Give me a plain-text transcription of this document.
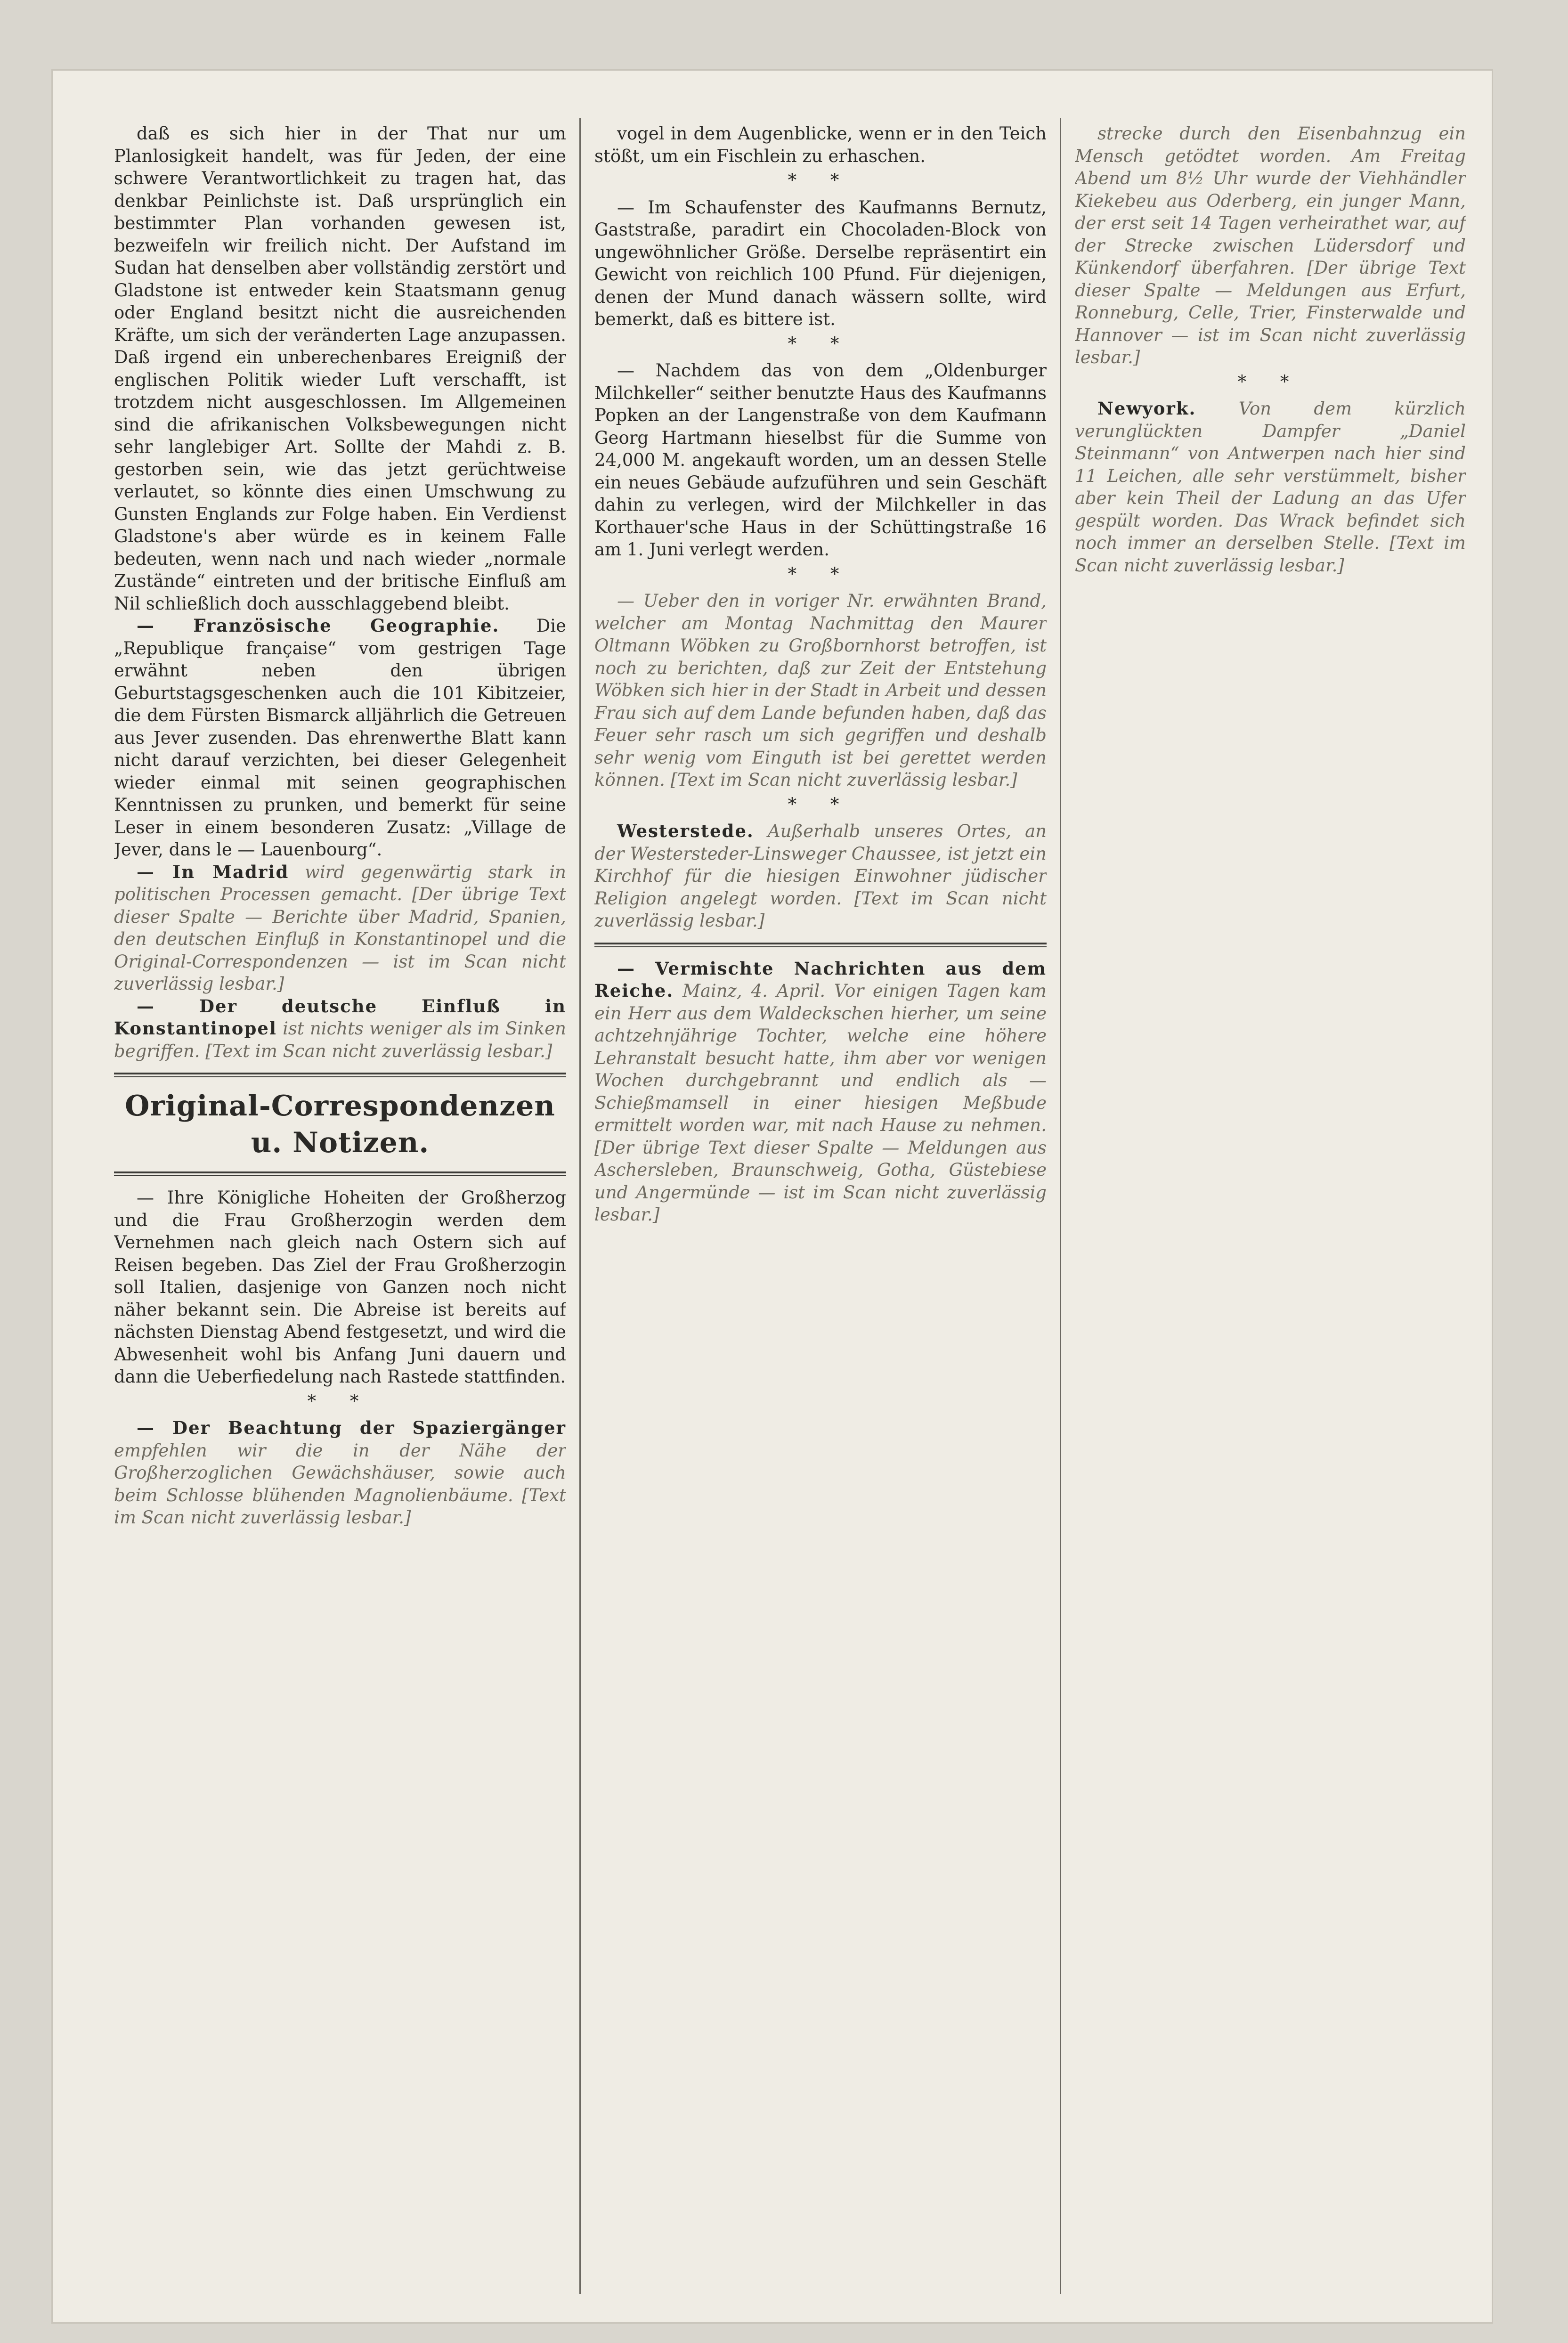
daß es sich hier in der That nur um Planlosigkeit handelt, was für Jeden, der eine schwere Verantwortlichkeit zu tragen hat, das denkbar Peinlichste ist. Daß ursprünglich ein bestimmter Plan vorhanden gewesen ist, bezweifeln wir freilich nicht. Der Aufstand im Sudan hat denselben aber vollständig zerstört und Gladstone ist entweder kein Staatsmann genug oder England besitzt nicht die ausreichenden Kräfte, um sich der veränderten Lage anzupassen. Daß irgend ein unberechenbares Ereigniß der englischen Politik wieder Luft verschafft, ist trotzdem nicht ausgeschlossen. Im Allgemeinen sind die afrikanischen Volksbewegungen nicht sehr langlebiger Art. Sollte der Mahdi z. B. gestorben sein, wie das jetzt gerüchtweise verlautet, so könnte dies einen Umschwung zu Gunsten Englands zur Folge haben. Ein Verdienst Gladstone's aber würde es in keinem Falle bedeuten, wenn nach und nach wieder „normale Zustände“ eintreten und der britische Einfluß am Nil schließlich doch ausschlaggebend bleibt.

— Französische Geographie. Die „Republique française“ vom gestrigen Tage erwähnt neben den übrigen Geburtstagsgeschenken auch die 101 Kibitzeier, die dem Fürsten Bismarck alljährlich die Getreuen aus Jever zusenden. Das ehrenwerthe Blatt kann nicht darauf verzichten, bei dieser Gelegenheit wieder einmal mit seinen geographischen Kenntnissen zu prunken, und bemerkt für seine Leser in einem besonderen Zusatz: „Village de Jever, dans le — Lauenbourg“.

— In Madrid wird gegenwärtig stark in politischen Processen gemacht. [Der übrige Text dieser Spalte — Berichte über Madrid, Spanien, den deutschen Einfluß in Konstantinopel und die Original-Correspondenzen — ist im Scan nicht zuverlässig lesbar.]

— Der deutsche Einfluß in Konstantinopel ist nichts weniger als im Sinken begriffen. [Text im Scan nicht zuverlässig lesbar.]

Original-Correspondenzen u. Notizen.

— Ihre Königliche Hoheiten der Großherzog und die Frau Großherzogin werden dem Vernehmen nach gleich nach Ostern sich auf Reisen begeben. Das Ziel der Frau Großherzogin soll Italien, dasjenige von Ganzen noch nicht näher bekannt sein. Die Abreise ist bereits auf nächsten Dienstag Abend festgesetzt, und wird die Abwesenheit wohl bis Anfang Juni dauern und dann die Ueberfiedelung nach Rastede stattfinden.

* *

— Der Beachtung der Spaziergänger empfehlen wir die in der Nähe der Großherzoglichen Gewächshäuser, sowie auch beim Schlosse blühenden Magnolienbäume. [Text im Scan nicht zuverlässig lesbar.]

vogel in dem Augenblicke, wenn er in den Teich stößt, um ein Fischlein zu erhaschen.

* *

— Im Schaufenster des Kaufmanns Bernutz, Gaststraße, paradirt ein Chocoladen-Block von ungewöhnlicher Größe. Derselbe repräsentirt ein Gewicht von reichlich 100 Pfund. Für diejenigen, denen der Mund danach wässern sollte, wird bemerkt, daß es bittere ist.

* *

— Nachdem das von dem „Oldenburger Milchkeller“ seither benutzte Haus des Kaufmanns Popken an der Langenstraße von dem Kaufmann Georg Hartmann hieselbst für die Summe von 24,000 M. angekauft worden, um an dessen Stelle ein neues Gebäude aufzuführen und sein Geschäft dahin zu verlegen, wird der Milchkeller in das Korthauer'sche Haus in der Schüttingstraße 16 am 1. Juni verlegt werden.

* *

— Ueber den in voriger Nr. erwähnten Brand, welcher am Montag Nachmittag den Maurer Oltmann Wöbken zu Großbornhorst betroffen, ist noch zu berichten, daß zur Zeit der Entstehung Wöbken sich hier in der Stadt in Arbeit und dessen Frau sich auf dem Lande befunden haben, daß das Feuer sehr rasch um sich gegriffen und deshalb sehr wenig vom Einguth ist bei gerettet werden können. [Text im Scan nicht zuverlässig lesbar.]

* *

Westerstede. Außerhalb unseres Ortes, an der Westersteder-Linsweger Chaussee, ist jetzt ein Kirchhof für die hiesigen Einwohner jüdischer Religion angelegt worden. [Text im Scan nicht zuverlässig lesbar.]

— Vermischte Nachrichten aus dem Reiche. Mainz, 4. April. Vor einigen Tagen kam ein Herr aus dem Waldeckschen hierher, um seine achtzehnjährige Tochter, welche eine höhere Lehranstalt besucht hatte, ihm aber vor wenigen Wochen durchgebrannt und endlich als — Schießmamsell in einer hiesigen Meßbude ermittelt worden war, mit nach Hause zu nehmen. [Der übrige Text dieser Spalte — Meldungen aus Aschersleben, Braunschweig, Gotha, Güstebiese und Angermünde — ist im Scan nicht zuverlässig lesbar.]

strecke durch den Eisenbahnzug ein Mensch getödtet worden. Am Freitag Abend um 8½ Uhr wurde der Viehhändler Kiekebeu aus Oderberg, ein junger Mann, der erst seit 14 Tagen verheirathet war, auf der Strecke zwischen Lüdersdorf und Künkendorf überfahren. [Der übrige Text dieser Spalte — Meldungen aus Erfurt, Ronneburg, Celle, Trier, Finsterwalde und Hannover — ist im Scan nicht zuverlässig lesbar.]

* *

Newyork. Von dem kürzlich verunglückten Dampfer „Daniel Steinmann“ von Antwerpen nach hier sind 11 Leichen, alle sehr verstümmelt, bisher aber kein Theil der Ladung an das Ufer gespült worden. Das Wrack befindet sich noch immer an derselben Stelle. [Text im Scan nicht zuverlässig lesbar.]
